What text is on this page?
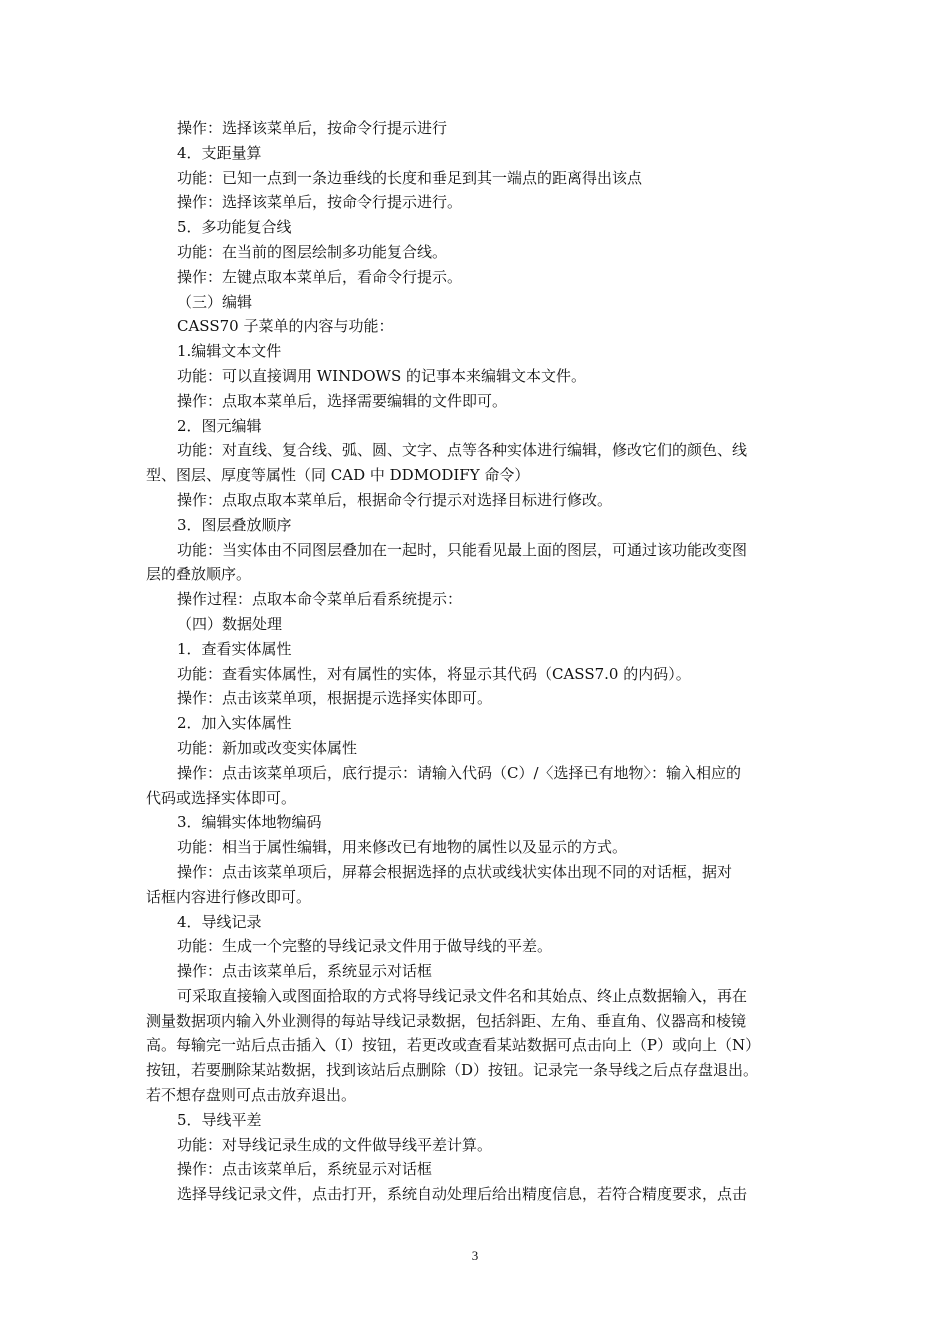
操作：选择该菜单后，按命令行提示进行
4．支距量算
功能：已知一点到一条边垂线的长度和垂足到其一端点的距离得出该点
操作：选择该菜单后，按命令行提示进行。
5．多功能复合线
功能：在当前的图层绘制多功能复合线。
操作：左键点取本菜单后，看命令行提示。
（三）编辑
CASS70 子菜单的内容与功能：
1.编辑文本文件
功能：可以直接调用 WINDOWS 的记事本来编辑文本文件。
操作：点取本菜单后，选择需要编辑的文件即可。
2．图元编辑
功能：对直线、复合线、弧、圆、文字、点等各种实体进行编辑，修改它们的颜色、线
型、图层、厚度等属性（同 CAD 中 DDMODIFY 命令）
操作：点取点取本菜单后，根据命令行提示对选择目标进行修改。
3．图层叠放顺序
功能：当实体由不同图层叠加在一起时，只能看见最上面的图层，可通过该功能改变图
层的叠放顺序。
操作过程：点取本命令菜单后看系统提示：
（四）数据处理
1．查看实体属性
功能：查看实体属性，对有属性的实体，将显示其代码（CASS7.0 的内码）。
操作：点击该菜单项，根据提示选择实体即可。
2．加入实体属性
功能：新加或改变实体属性
操作：点击该菜单项后，底行提示：请输入代码（C）/〈选择已有地物〉：输入相应的
代码或选择实体即可。
3．编辑实体地物编码
功能：相当于属性编辑，用来修改已有地物的属性以及显示的方式。
操作：点击该菜单项后，屏幕会根据选择的点状或线状实体出现不同的对话框，据对
话框内容进行修改即可。
4．导线记录
功能：生成一个完整的导线记录文件用于做导线的平差。
操作：点击该菜单后，系统显示对话框
可采取直接输入或图面拾取的方式将导线记录文件名和其始点、终止点数据输入，再在
测量数据项内输入外业测得的每站导线记录数据，包括斜距、左角、垂直角、仪器高和棱镜
高。每输完一站后点击插入（I）按钮，若更改或查看某站数据可点击向上（P）或向上（N）
按钮，若要删除某站数据，找到该站后点删除（D）按钮。记录完一条导线之后点存盘退出。
若不想存盘则可点击放弃退出。
5．导线平差
功能：对导线记录生成的文件做导线平差计算。
操作：点击该菜单后，系统显示对话框
选择导线记录文件，点击打开，系统自动处理后给出精度信息，若符合精度要求，点击
3
